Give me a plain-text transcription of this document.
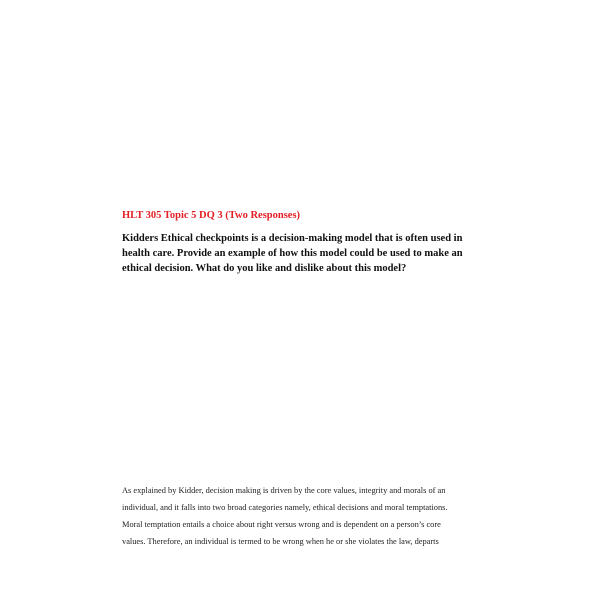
HLT 305 Topic 5 DQ 3 (Two Responses)
Kidders Ethical checkpoints is a decision-making model that is often used in
health care. Provide an example of how this model could be used to make an
ethical decision. What do you like and dislike about this model?
As explained by Kidder, decision making is driven by the core values, integrity and morals of an
individual, and it falls into two broad categories namely, ethical decisions and moral temptations.
Moral temptation entails a choice about right versus wrong and is dependent on a person’s core
values. Therefore, an individual is termed to be wrong when he or she violates the law, departs
